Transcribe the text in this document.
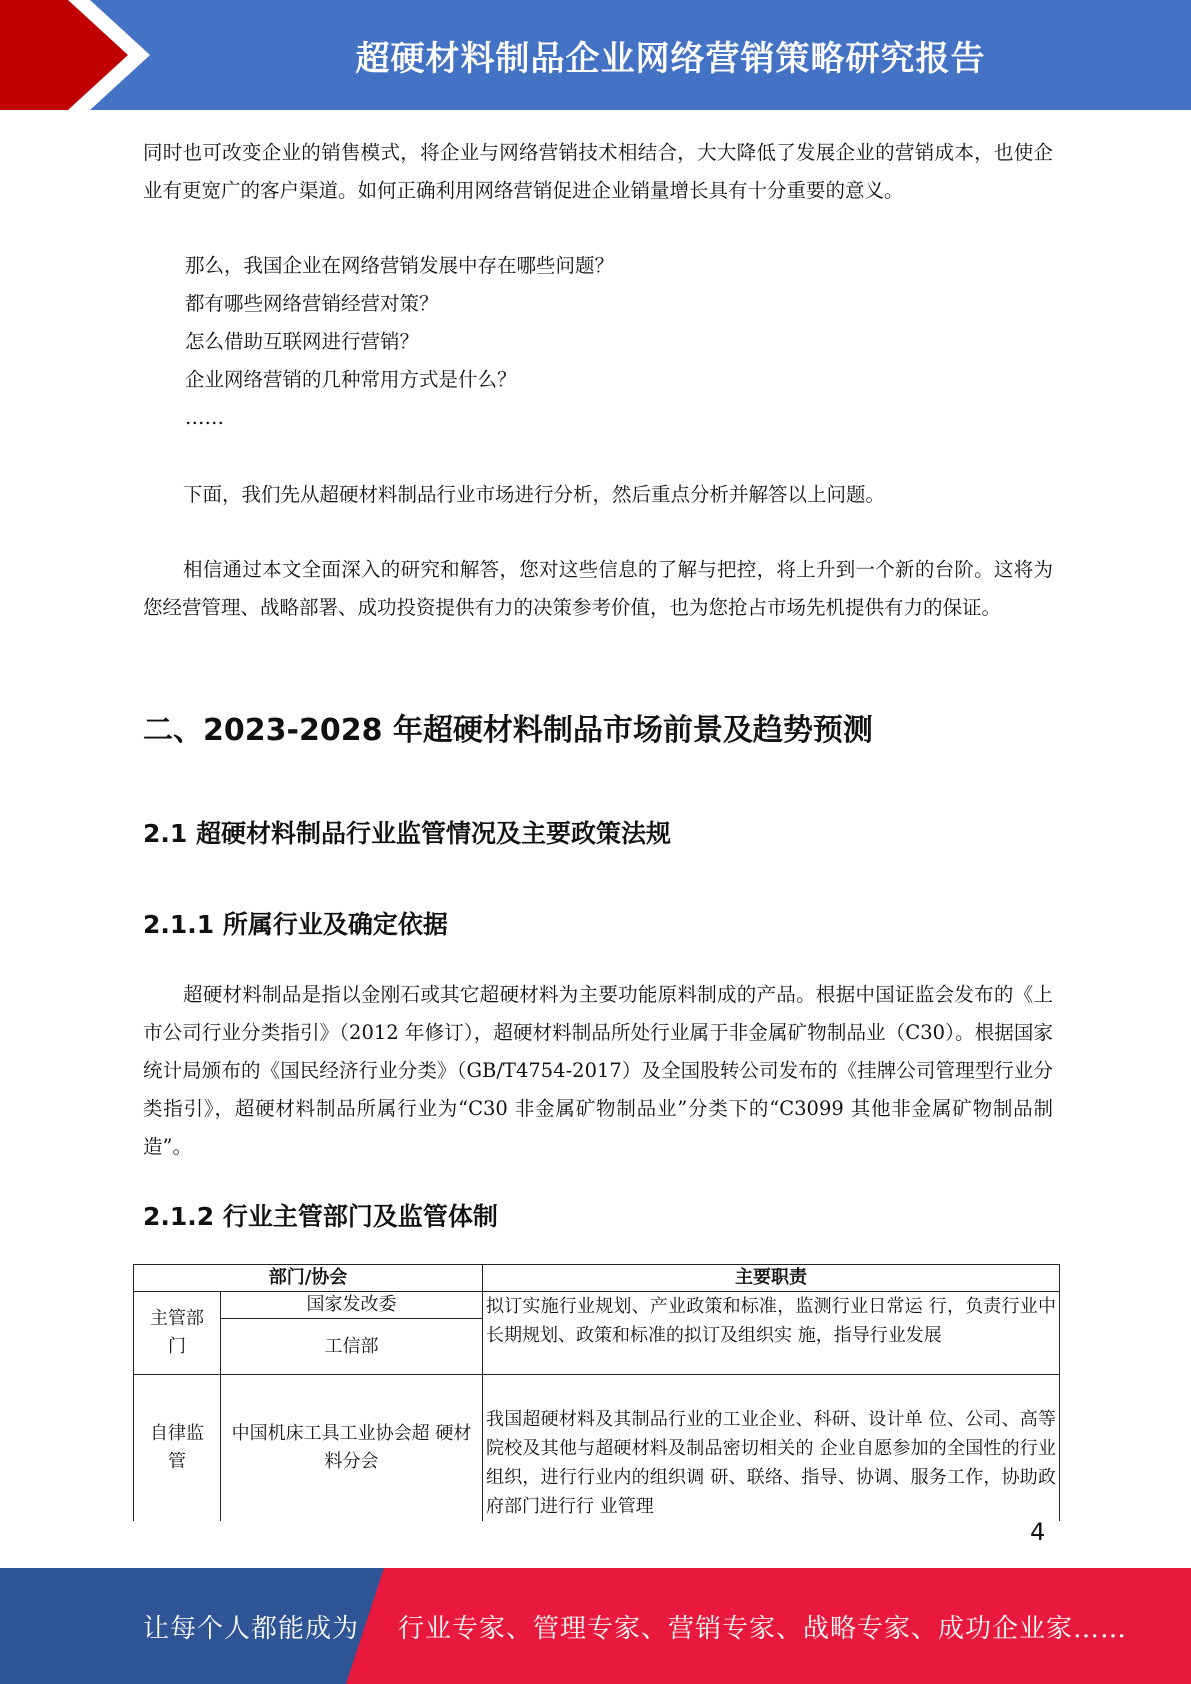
超硬材料制品企业网络营销策略研究报告

同时也可改变企业的销售模式，将企业与网络营销技术相结合，大大降低了发展企业的营销成本，也使企业有更宽广的客户渠道。如何正确利用网络营销促进企业销量增长具有十分重要的意义。

那么，我国企业在网络营销发展中存在哪些问题？
都有哪些网络营销经营对策？
怎么借助互联网进行营销？
企业网络营销的几种常用方式是什么？
……

下面，我们先从超硬材料制品行业市场进行分析，然后重点分析并解答以上问题。

相信通过本文全面深入的研究和解答，您对这些信息的了解与把控，将上升到一个新的台阶。这将为您经营管理、战略部署、成功投资提供有力的决策参考价值，也为您抢占市场先机提供有力的保证。

二、2023-2028 年超硬材料制品市场前景及趋势预测
2.1 超硬材料制品行业监管情况及主要政策法规
2.1.1 所属行业及确定依据

超硬材料制品是指以金刚石或其它超硬材料为主要功能原料制成的产品。根据中国证监会发布的《上市公司行业分类指引》（2012 年修订），超硬材料制品所处行业属于非金属矿物制品业（C30）。根据国家统计局颁布的《国民经济行业分类》（GB/T4754-2017）及全国股转公司发布的《挂牌公司管理型行业分类指引》，超硬材料制品所属行业为“C30 非金属矿物制品业”分类下的“C3099 其他非金属矿物制品制造”。

2.1.2 行业主管部门及监管体制
部门/协会		主要职责
主管部门	国家发改委	拟订实施行业规划、产业政策和标准，监测行业日常运 行，负责行业中长期规划、政策和标准的拟订及组织实 施，指导行业发展
	工信部	
自律监管	中国机床工具工业协会超 硬材料分会	我国超硬材料及其制品行业的工业企业、科研、设计单 位、公司、高等院校及其他与超硬材料及制品密切相关的 企业自愿参加的全国性的行业组织，进行行业内的组织调 研、联络、指导、协调、服务工作，协助政府部门进行行 业管理
4
让每个人都能成为 行业专家、管理专家、营销专家、战略专家、成功企业家……
